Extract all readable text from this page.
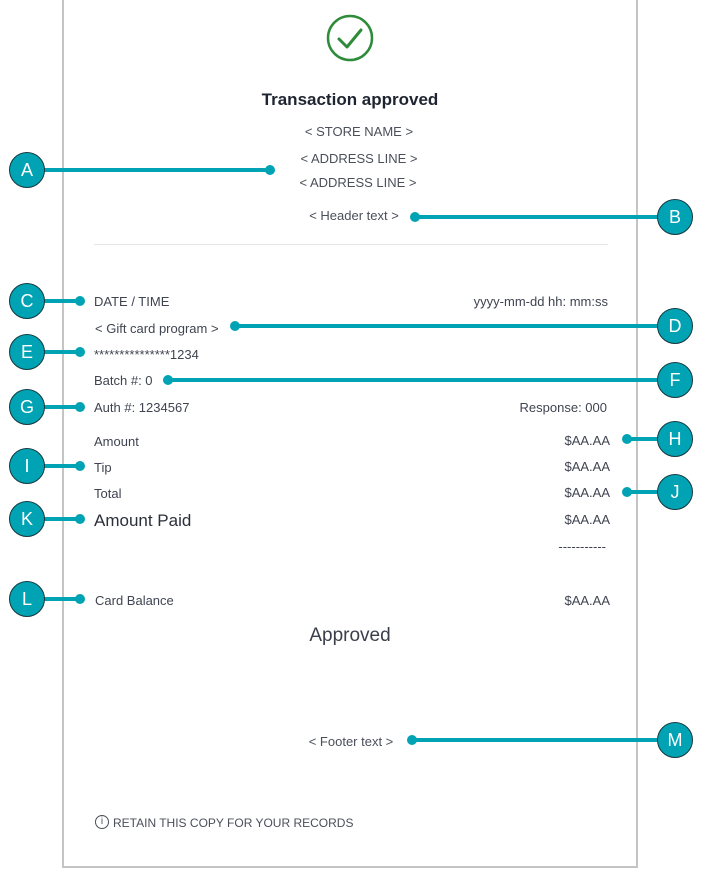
Transaction approved
< STORE NAME >
< ADDRESS LINE >
< ADDRESS LINE >
< Header text >
DATE / TIME	yyyy-mm-dd hh: mm:ss
< Gift card program >
***************1234
Batch #: 0
Auth #: 1234567	Response: 000
Amount	$AA.AA
Tip	$AA.AA
Total	$AA.AA
Amount Paid	$AA.AA
-----------
Card Balance	$AA.AA
Approved
< Footer text >
i RETAIN THIS COPY FOR YOUR RECORDS
A
B
C
D
E
F
G
H
I
J
K
L
M
